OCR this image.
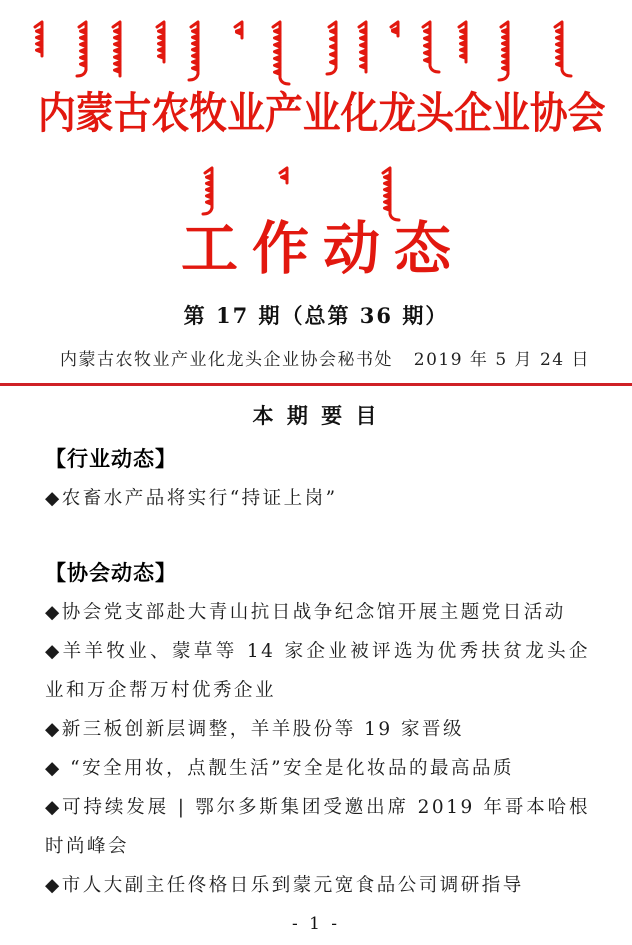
内蒙古农牧业产业化龙头企业协会
工作动态
第 17 期（总第 36 期）
内蒙古农牧业产业化龙头企业协会秘书处 2019 年 5 月 24 日
本 期 要 目
【行业动态】

◆农畜水产品将实行“持证上岗”

【协会动态】

◆协会党支部赴大青山抗日战争纪念馆开展主题党日活动

◆羊羊牧业、蒙草等 14 家企业被评选为优秀扶贫龙头企业和万企帮万村优秀企业

◆新三板创新层调整，羊羊股份等 19 家晋级

◆ “安全用妆，点靓生活”安全是化妆品的最高品质

◆可持续发展 | 鄂尔多斯集团受邀出席 2019 年哥本哈根时尚峰会

◆市人大副主任佟格日乐到蒙元宽食品公司调研指导

- 1 -
